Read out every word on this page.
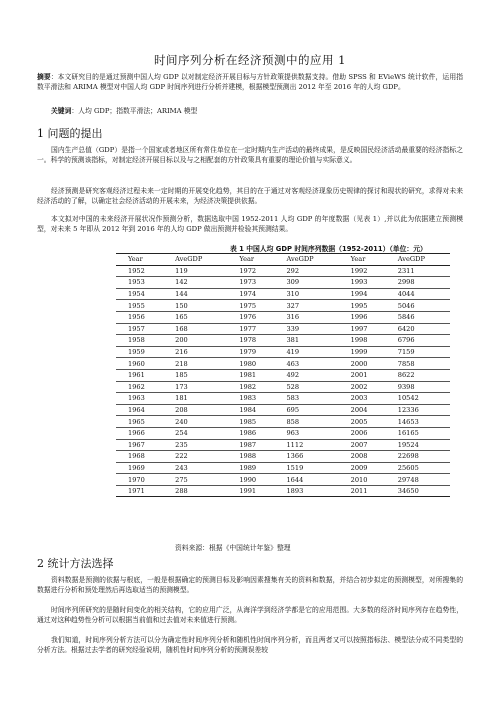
时间序列分析在经济预测中的应用 1

摘要：本文研究目的是通过预测中国人均 GDP 以对制定经济开展目标与方针政策提供数据支持。借助 SPSS 和 EVieWS 统计软件，运用指数平滑法和 ARIMA 模型对中国人均 GDP 时间序列进行分析并建模，根据模型预测出 2012 年至 2016 年的人均 GDP。

关键词：人均 GDP；指数平滑法；ARIMA 模型

1 问题的提出

国内生产总值（GDP）是指一个国家或者地区所有常住单位在一定时期内生产活动的最终成果，是反映国民经济活动最重要的经济指标之一。科学的预测该指标，对制定经济开展目标以及与之相配套的方针政策具有重要的理论价值与实际意义。

经济预测是研究客观经济过程未来一定时期的开展变化趋势，其目的在于通过对客观经济现象历史规律的探讨和现状的研究，求得对未来经济活动的了解，以确定社会经济活动的开展未来，为经济决策提供依据。

本文拟对中国的未来经济开展状况作预测分析，数据选取中国 1952-2011 人均 GDP 的年度数据（见表 1）,并以此为依据建立预测模型，对未来 5 年即从 2012 年到 2016 年的人均 GDP 做出预测并检验其预测结果。

表 1 中国人均 GDP 时间序列数据（1952-2011）（单位：元）
Year	AveGDP	Year	AveGDP	Year	AveGDP
1952	119	1972	292	1992	2311
1953	142	1973	309	1993	2998
1954	144	1974	310	1994	4044
1955	150	1975	327	1995	5046
1956	165	1976	316	1996	5846
1957	168	1977	339	1997	6420
1958	200	1978	381	1998	6796
1959	216	1979	419	1999	7159
1960	218	1980	463	2000	7858
1961	185	1981	492	2001	8622
1962	173	1982	528	2002	9398
1963	181	1983	583	2003	10542
1964	208	1984	695	2004	12336
1965	240	1985	858	2005	14653
1966	254	1986	963	2006	16165
1967	235	1987	1112	2007	19524
1968	222	1988	1366	2008	22698
1969	243	1989	1519	2009	25605
1970	275	1990	1644	2010	29748
1971	288	1991	1893	2011	34650
资料来源：根据《中国统计年鉴》整理
2 统计方法选择

资料数据是预测的依据与根底，一般是根据确定的预测目标及影响因素搜集有关的资料和数据，并结合初步拟定的预测模型，对所搜集的数据进行分析和预处理然后再选取适当的预测模型。

时间序列所研究的是随时间变化的相关结构，它的应用广泛，从海洋学到经济学都是它的应用范围。大多数的经济时间序列存在趋势性，通过对这种趋势性分析可以根据当前值和过去值对未来值进行预测。

我们知道，时间序列分析方法可以分为确定性时间序列分析和随机性时间序列分析，而且两者又可以按照指标法、模型法分成不同类型的分析方法。根据过去学者的研究经验说明，随机性时间序列分析的预测误差较
